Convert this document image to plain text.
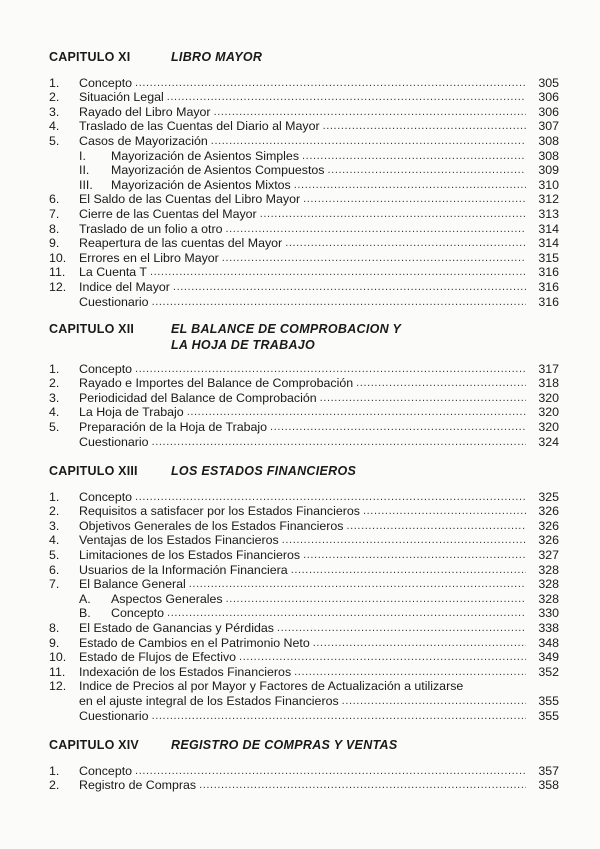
CAPITULO XI	LIBRO MAYOR
1.	Concepto .....	305
2.	Situación Legal .....	306
3.	Rayado del Libro Mayor .....	306
4.	Traslado de las Cuentas del Diario al Mayor .....	307
5.	Casos de Mayorización .....	308
I.	Mayorización de Asientos Simples .....	308
II.	Mayorización de Asientos Compuestos .....	309
III.	Mayorización de Asientos Mixtos .....	310
6.	El Saldo de las Cuentas del Libro Mayor .....	312
7.	Cierre de las Cuentas del Mayor .....	313
8.	Traslado de un folio a otro .....	314
9.	Reapertura de las cuentas del Mayor .....	314
10.	Errores en el Libro Mayor .....	315
11.	La Cuenta T .....	316
12.	Indice del Mayor .....	316
Cuestionario .....	316
CAPITULO XII	EL BALANCE DE COMPROBACION Y
LA HOJA DE TRABAJO
1.	Concepto .....	317
2.	Rayado e Importes del Balance de Comprobación .....	318
3.	Periodicidad del Balance de Comprobación .....	320
4.	La Hoja de Trabajo .....	320
5.	Preparación de la Hoja de Trabajo .....	320
Cuestionario .....	324
CAPITULO XIII	LOS ESTADOS FINANCIEROS
1.	Concepto .....	325
2.	Requisitos a satisfacer por los Estados Financieros .....	326
3.	Objetivos Generales de los Estados Financieros .....	326
4.	Ventajas de los Estados Financieros .....	326
5.	Limitaciones de los Estados Financieros .....	327
6.	Usuarios de la Información Financiera .....	328
7.	El Balance General .....	328
A.	Aspectos Generales .....	328
B.	Concepto .....	330
8.	El Estado de Ganancias y Pérdidas .....	338
9.	Estado de Cambios en el Patrimonio Neto .....	348
10.	Estado de Flujos de Efectivo .....	349
11.	Indexación de los Estados Financieros .....	352
12.	Indice de Precios al por Mayor y Factores de Actualización a utilizarse
en el ajuste integral de los Estados Financieros .....	355
Cuestionario .....	355
CAPITULO XIV	REGISTRO DE COMPRAS Y VENTAS
1.	Concepto .....	357
2.	Registro de Compras .....	358
